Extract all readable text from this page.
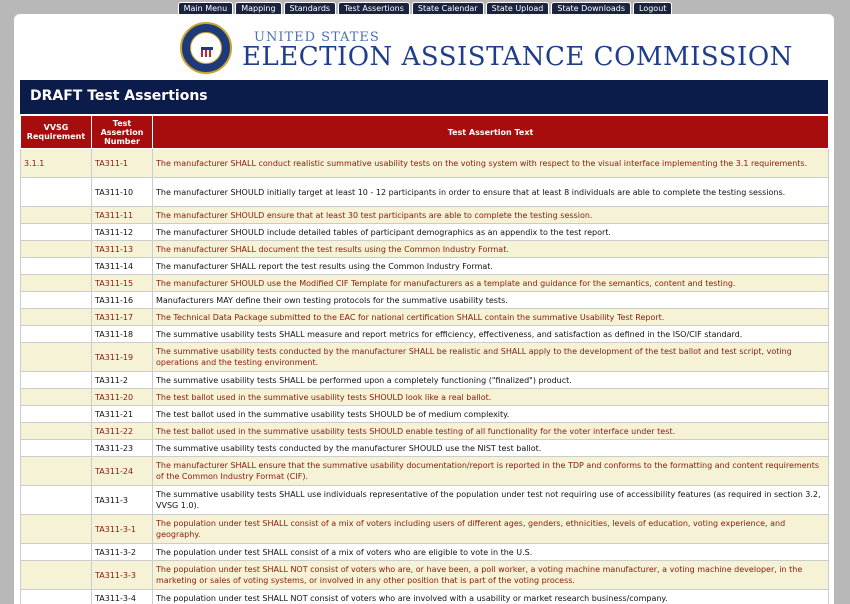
Main Menu Mapping Standards Test Assertions State Calendar State Upload State Downloads Logout
UNITED STATES
ELECTION ASSISTANCE COMMISSION
DRAFT Test Assertions
VVSG Requirement	Test Assertion Number	Test Assertion Text
3.1.1	TA311-1	The manufacturer SHALL conduct realistic summative usability tests on the voting system with respect to the visual interface implementing the 3.1 requirements.
	TA311-10	The manufacturer SHOULD initially target at least 10 - 12 participants in order to ensure that at least 8 individuals are able to complete the testing sessions.
	TA311-11	The manufacturer SHOULD ensure that at least 30 test participants are able to complete the testing session.
	TA311-12	The manufacturer SHOULD include detailed tables of participant demographics as an appendix to the test report.
	TA311-13	The manufacturer SHALL document the test results using the Common Industry Format.
	TA311-14	The manufacturer SHALL report the test results using the Common Industry Format.
	TA311-15	The manufacturer SHOULD use the Modified CIF Template for manufacturers as a template and guidance for the semantics, content and testing.
	TA311-16	Manufacturers MAY define their own testing protocols for the summative usability tests.
	TA311-17	The Technical Data Package submitted to the EAC for national certification SHALL contain the summative Usability Test Report.
	TA311-18	The summative usability tests SHALL measure and report metrics for efficiency, effectiveness, and satisfaction as defined in the ISO/CIF standard.
	TA311-19	The summative usability tests conducted by the manufacturer SHALL be realistic and SHALL apply to the development of the test ballot and test script, voting operations and the testing environment.
	TA311-2	The summative usability tests SHALL be performed upon a completely functioning ("finalized") product.
	TA311-20	The test ballot used in the summative usability tests SHOULD look like a real ballot.
	TA311-21	The test ballot used in the summative usability tests SHOULD be of medium complexity.
	TA311-22	The test ballot used in the summative usability tests SHOULD enable testing of all functionality for the voter interface under test.
	TA311-23	The summative usability tests conducted by the manufacturer SHOULD use the NIST test ballot.
	TA311-24	The manufacturer SHALL ensure that the summative usability documentation/report is reported in the TDP and conforms to the formatting and content requirements of the Common Industry Format (CIF).
	TA311-3	The summative usability tests SHALL use individuals representative of the population under test not requiring use of accessibility features (as required in section 3.2, VVSG 1.0).
	TA311-3-1	The population under test SHALL consist of a mix of voters including users of different ages, genders, ethnicities, levels of education, voting experience, and geography.
	TA311-3-2	The population under test SHALL consist of a mix of voters who are eligible to vote in the U.S.
	TA311-3-3	The population under test SHALL NOT consist of voters who are, or have been, a poll worker, a voting machine manufacturer, a voting machine developer, in the marketing or sales of voting systems, or involved in any other position that is part of the voting process.
	TA311-3-4	The population under test SHALL NOT consist of voters who are involved with a usability or market research business/company.
